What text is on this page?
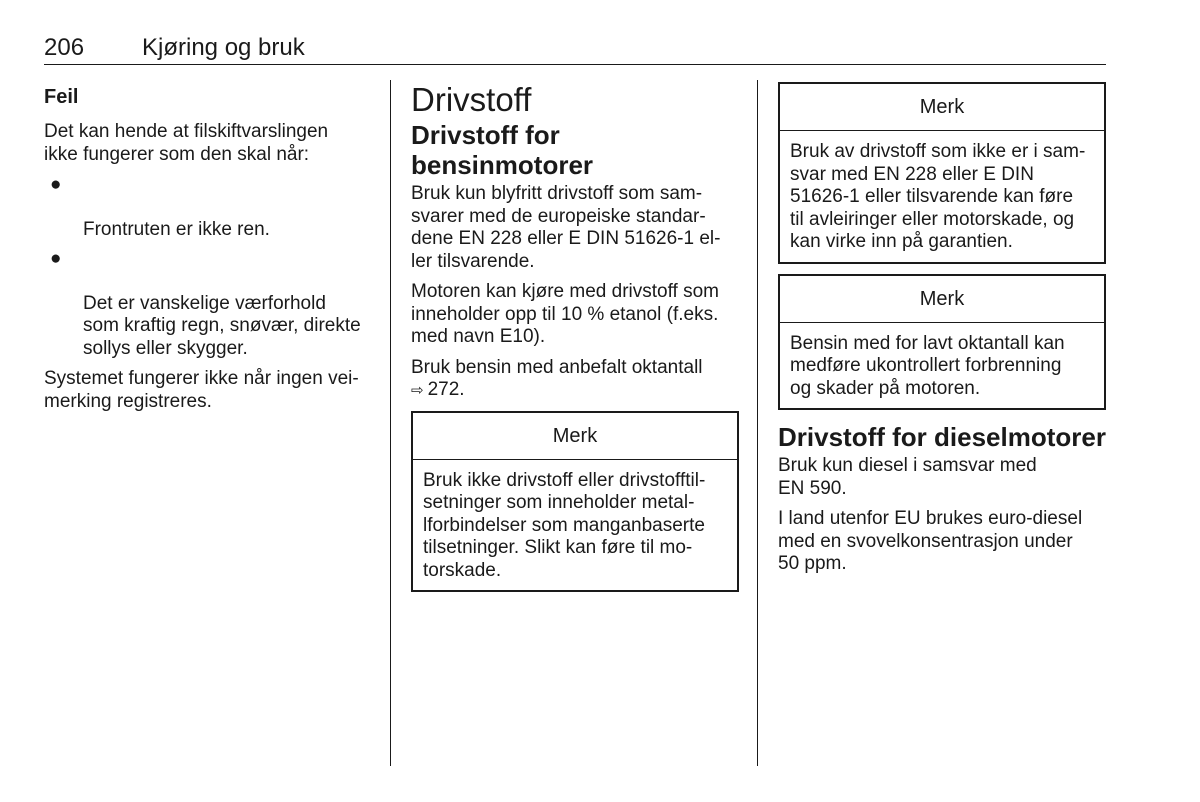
206 Kjøring og bruk
Feil

Det kan hende at filskiftvarslingen
ikke fungerer som den skal når:

●

Frontruten er ikke ren.

●

Det er vanskelige værforhold
som kraftig regn, snøvær, direkte
sollys eller skygger.

Systemet fungerer ikke når ingen vei-
merking registreres.

Drivstoff
Drivstoff for bensinmotorer

Bruk kun blyfritt drivstoff som sam-
svarer med de europeiske standar-
dene EN 228 eller E DIN 51626-1 el-
ler tilsvarende.

Motoren kan kjøre med drivstoff som
inneholder opp til 10 % etanol (f.eks.
med navn E10).

Bruk bensin med anbefalt oktantall
⇨ 272.

Merk
Bruk ikke drivstoff eller drivstofftil-
setninger som inneholder metal-
lforbindelser som manganbaserte
tilsetninger. Slikt kan føre til mo-
torskade.
Merk
Bruk av drivstoff som ikke er i sam-
svar med EN 228 eller E DIN
51626-1 eller tilsvarende kan føre
til avleiringer eller motorskade, og
kan virke inn på garantien.
Merk
Bensin med for lavt oktantall kan
medføre ukontrollert forbrenning
og skader på motoren.
Drivstoff for dieselmotorer

Bruk kun diesel i samsvar med
EN 590.

I land utenfor EU brukes euro-diesel
med en svovelkonsentrasjon under
50 ppm.
